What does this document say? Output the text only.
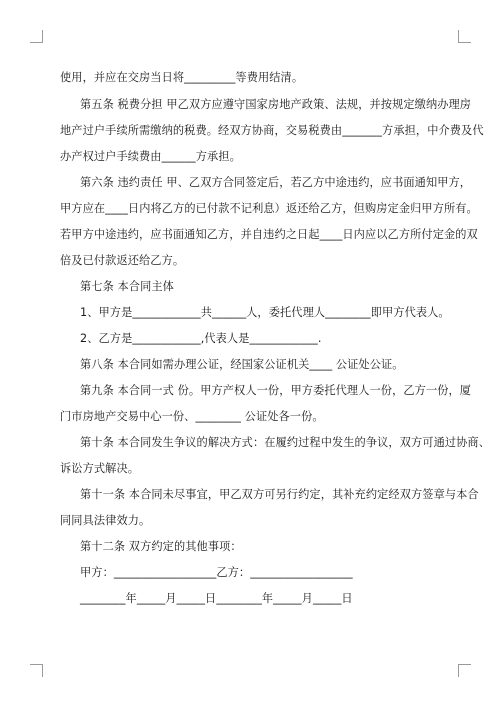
使用，并应在交房当日将_________等费用结清。
第五条 税费分担 甲乙双方应遵守国家房地产政策、法规，并按规定缴纳办理房
地产过户手续所需缴纳的税费。经双方协商，交易税费由_______方承担，中介费及代
办产权过户手续费由______方承担。
第六条 违约责任 甲、乙双方合同签定后，若乙方中途违约，应书面通知甲方，
甲方应在____日内将乙方的已付款不记利息）返还给乙方，但购房定金归甲方所有。
若甲方中途违约，应书面通知乙方，并自违约之日起____日内应以乙方所付定金的双
倍及已付款返还给乙方。
第七条 本合同主体
1、甲方是____________共______人，委托代理人________即甲方代表人。
2、乙方是____________,代表人是____________.
第八条 本合同如需办理公证，经国家公证机关____ 公证处公证。
第九条 本合同一式 份。甲方产权人一份，甲方委托代理人一份，乙方一份，厦
门市房地产交易中心一份、________ 公证处各一份。
第十条 本合同发生争议的解决方式：在履约过程中发生的争议，双方可通过协商、
诉讼方式解决。
第十一条 本合同未尽事宜，甲乙双方可另行约定，其补充约定经双方签章与本合
同同具法律效力。
第十二条 双方约定的其他事项：
甲方：__________________乙方：__________________
________年_____月_____日________年_____月_____日
